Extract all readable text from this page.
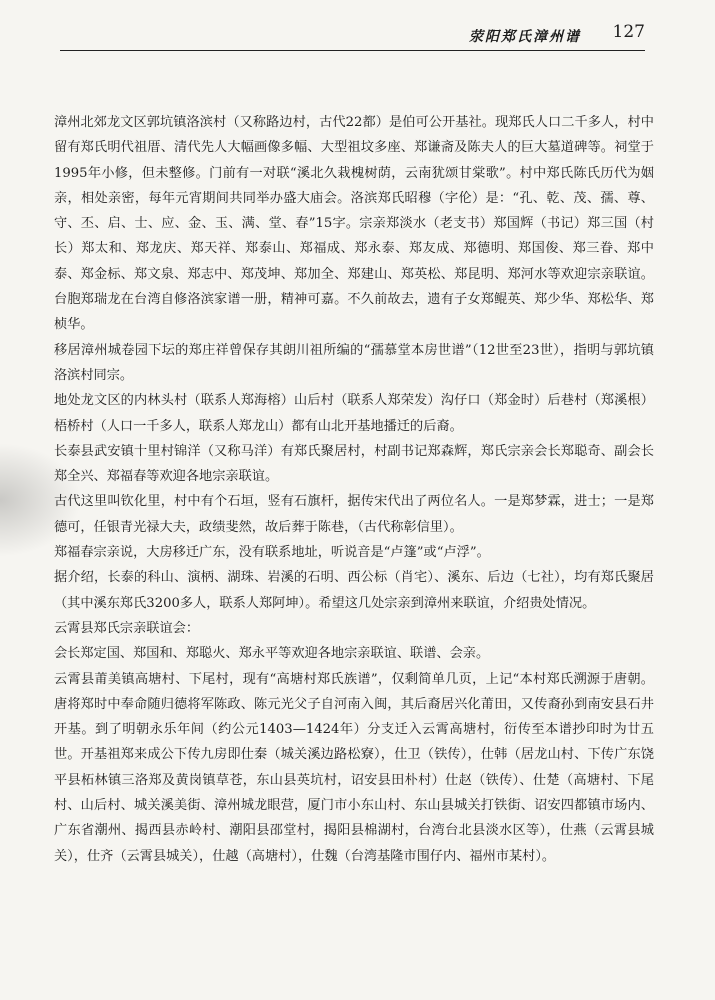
荥阳郑氏漳州谱 127

漳州北郊龙文区郭坑镇洛滨村（又称路边村，古代22都）是伯可公开基社。现郑氏人口二千多人，村中留有郑氏明代祖厝、清代先人大幅画像多幅、大型祖坟多座、郑谦斋及陈夫人的巨大墓道碑等。祠堂于1995年小修，但未整修。门前有一对联“溪北久栽槐树荫，云南犹颂甘棠歌”。村中郑氏陈氏历代为姻亲，相处亲密，每年元宵期间共同举办盛大庙会。洛滨郑氏昭穆（字伦）是：“孔、乾、茂、孺、尊、守、丕、启、士、应、金、玉、满、堂、春”15字。宗亲郑淡水（老支书）郑国辉（书记）郑三国（村长）郑太和、郑龙庆、郑天祥、郑泰山、郑福成、郑永泰、郑友成、郑德明、郑国俊、郑三眷、郑中泰、郑金标、郑文泉、郑志中、郑茂坤、郑加全、郑建山、郑英松、郑昆明、郑河水等欢迎宗亲联谊。台胞郑瑞龙在台湾自修洛滨家谱一册，精神可嘉。不久前故去，遗有子女郑鲲英、郑少华、郑松华、郑桢华。

移居漳州城卷园下坛的郑庄祥曾保存其朗川祖所编的“孺慕堂本房世谱”（12世至23世），指明与郭坑镇洛滨村同宗。

地处龙文区的内林头村（联系人郑海榕）山后村（联系人郑荣发）沟仔口（郑金时）后巷村（郑溪根）梧桥村（人口一千多人，联系人郑龙山）都有山北开基地播迁的后裔。

长泰县武安镇十里村锦洋（又称马洋）有郑氏聚居村，村副书记郑森辉，郑氏宗亲会长郑聪奇、副会长郑全兴、郑福春等欢迎各地宗亲联谊。

古代这里叫钦化里，村中有个石垣，竖有石旗杆，据传宋代出了两位名人。一是郑梦霖，进士；一是郑德可，任银青光禄大夫，政绩斐然，故后葬于陈巷，（古代称彰信里）。

郑福春宗亲说，大房移迁广东，没有联系地址，听说音是“卢篷”或“卢浮”。

据介绍，长泰的科山、演柄、湖珠、岩溪的石明、西公标（肖宅）、溪东、后边（七社），均有郑氏聚居（其中溪东郑氏3200多人，联系人郑阿坤）。希望这几处宗亲到漳州来联谊，介绍贵处情况。

云霄县郑氏宗亲联谊会：

会长郑定国、郑国和、郑聪火、郑永平等欢迎各地宗亲联谊、联谱、会亲。

云霄县莆美镇高塘村、下尾村，现有“高塘村郑氏族谱”，仅剩简单几页，上记“本村郑氏溯源于唐朝。唐将郑时中奉命随归德将军陈政、陈元光父子自河南入闽，其后裔居兴化莆田，又传裔孙到南安县石井开基。到了明朝永乐年间（约公元1403—1424年）分支迁入云霄高塘村，衍传至本谱抄印时为廿五世。开基祖郑来成公下传九房即仕秦（城关溪边路松寮），仕卫（铁传），仕韩（居龙山村、下传广东饶平县柘林镇三洛郑及黄岗镇草苍，东山县英坑村，诏安县田朴村）仕赵（铁传）、仕楚（高塘村、下尾村、山后村、城关溪美街、漳州城龙眼营，厦门市小东山村、东山县城关打铁街、诏安四都镇市场内、广东省潮州、揭西县赤岭村、潮阳县邵堂村，揭阳县棉湖村，台湾台北县淡水区等），仕燕（云霄县城关），仕齐（云霄县城关），仕越（高塘村），仕魏（台湾基隆市围仔内、福州市某村）。
